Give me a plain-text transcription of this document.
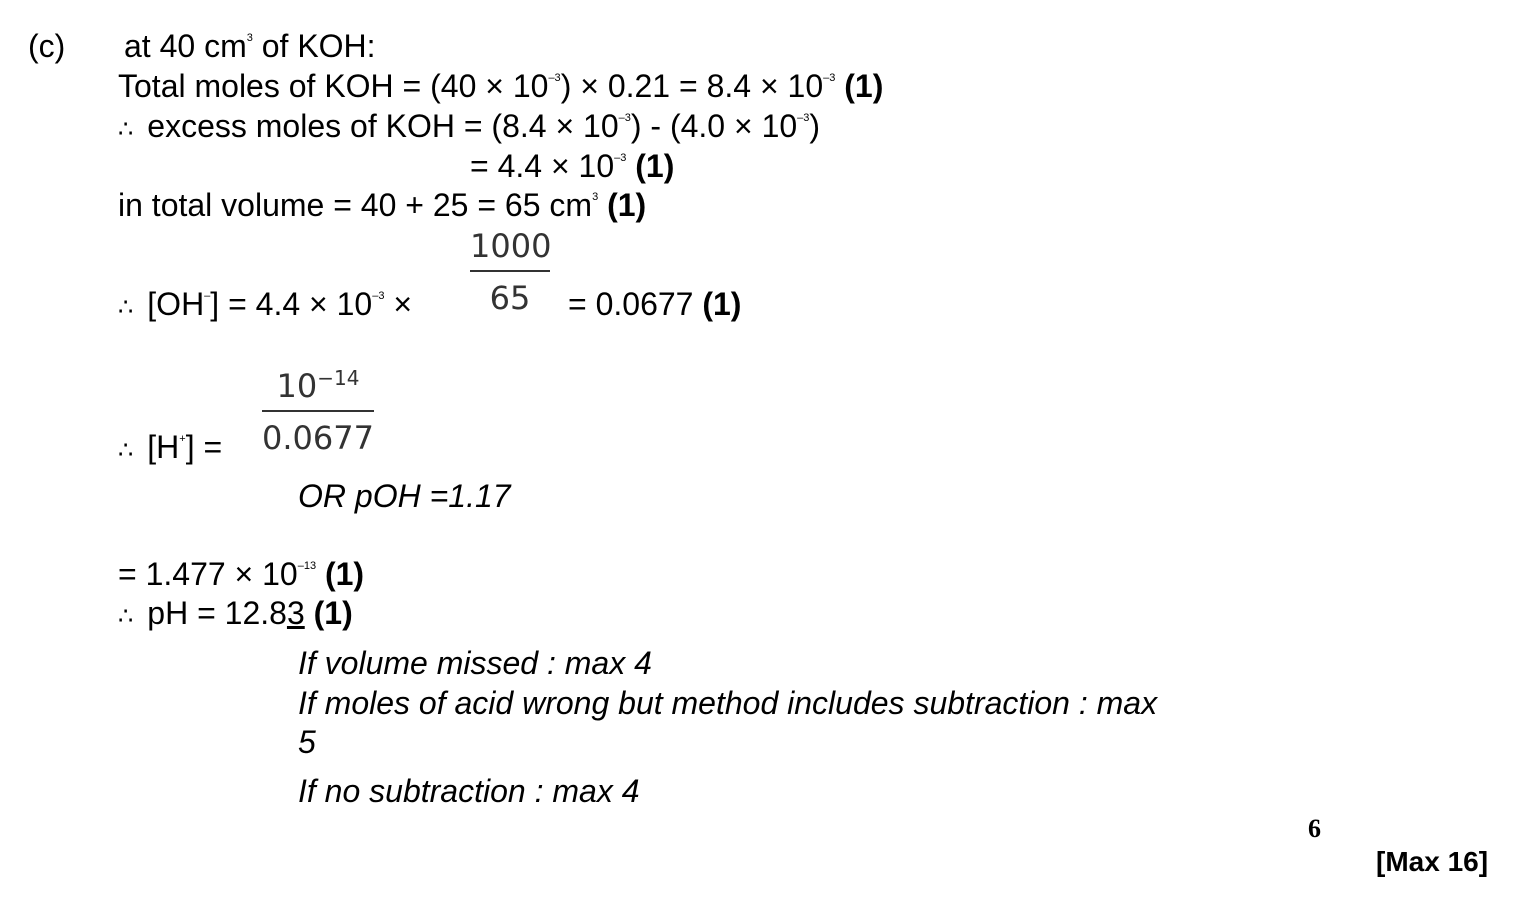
(c) at 40 $cm^3$ of KOH:
Total moles of KOH = $(40 \times 10^{-3}) \times 0.21 = 8.4 \times 10^{-3}$ (1)
∴ excess moles of KOH = $(8.4 \times 10^{-3}) - (4.0 \times 10^{-3})$
= $4.4 \times 10^{-3}$ (1)
in total volume = 40 + 25 = 65 $cm^3$ (1)
∴ $[OH^-] = 4.4 \times 10^{-3}$ ×
1000
65	= 0.0677 (1)
∴ [H+] =
$10^{-14}$
0.0677
OR pOH =1.17
= $1.477 \times 10^{-13}$ (1)
∴ pH = 12.83 (1)
If volume missed : max 4
If moles of acid wrong but method includes subtraction : max
5
If no subtraction : max 4
6
[Max 16]
